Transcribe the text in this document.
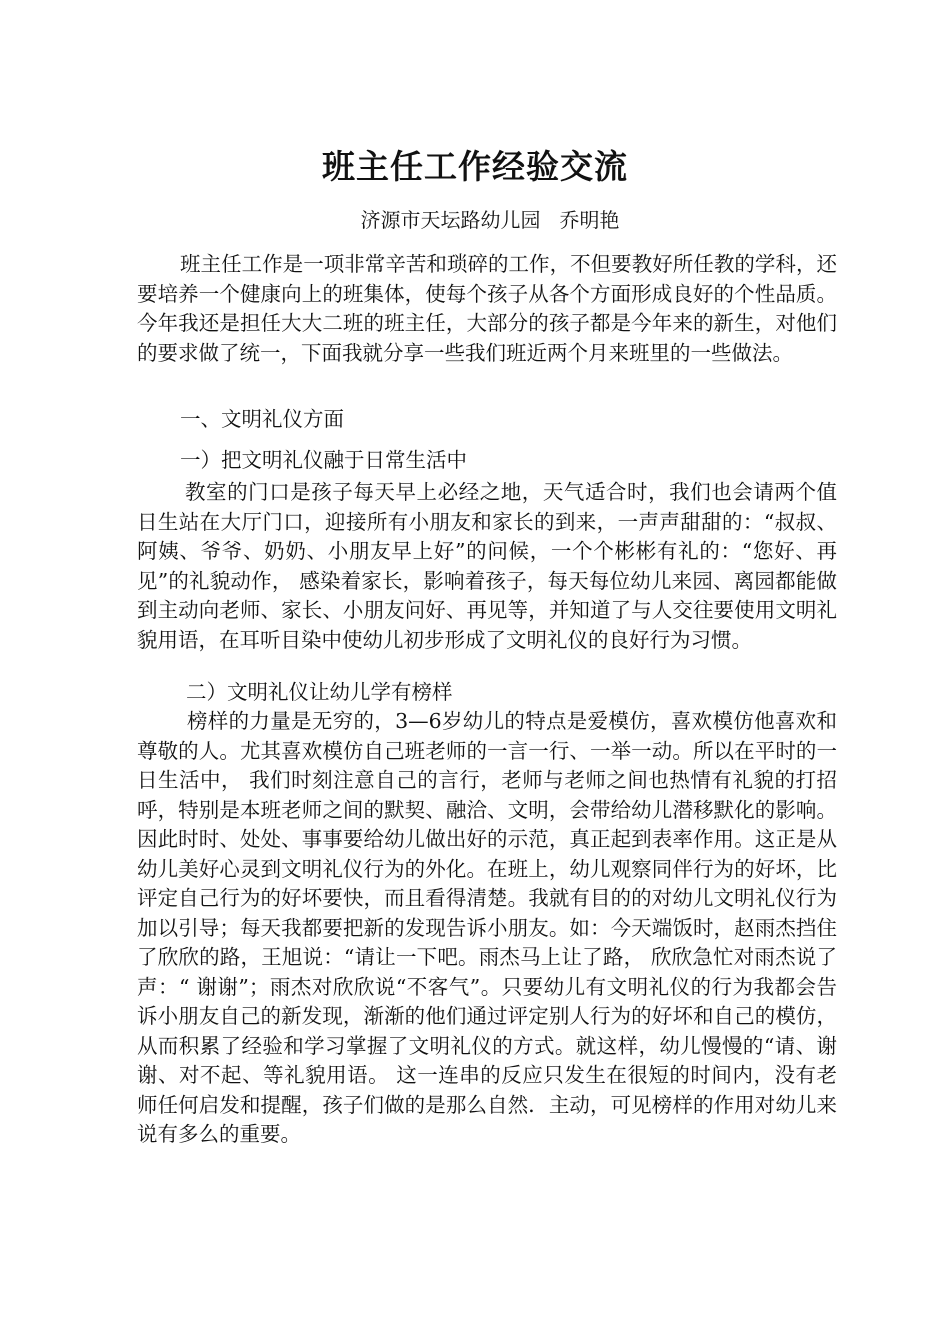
班主任工作经验交流
济源市天坛路幼儿园   乔明艳

班主任工作是一项非常辛苦和琐碎的工作，不但要教好所任教的学科，还要培养一个健康向上的班集体，使每个孩子从各个方面形成良好的个性品质。今年我还是担任大大二班的班主任，大部分的孩子都是今年来的新生，对他们的要求做了统一，下面我就分享一些我们班近两个月来班里的一些做法。

一、文明礼仪方面

一）把文明礼仪融于日常生活中

教室的门口是孩子每天早上必经之地，天气适合时，我们也会请两个值日生站在大厅门口，迎接所有小朋友和家长的到来，一声声甜甜的：“叔叔、阿姨、爷爷、奶奶、小朋友早上好”的问候，一个个彬彬有礼的：“您好、再见”的礼貌动作， 感染着家长，影响着孩子，每天每位幼儿来园、离园都能做到主动向老师、家长、小朋友问好、再见等，并知道了与人交往要使用文明礼貌用语，在耳听目染中使幼儿初步形成了文明礼仪的良好行为习惯。

二）文明礼仪让幼儿学有榜样

榜样的力量是无穷的，3—6岁幼儿的特点是爱模仿，喜欢模仿他喜欢和尊敬的人。尤其喜欢模仿自己班老师的一言一行、一举一动。所以在平时的一日生活中， 我们时刻注意自己的言行，老师与老师之间也热情有礼貌的打招呼，特别是本班老师之间的默契、融洽、文明，会带给幼儿潜移默化的影响。因此时时、处处、事事要给幼儿做出好的示范，真正起到表率作用。这正是从幼儿美好心灵到文明礼仪行为的外化。在班上，幼儿观察同伴行为的好坏，比评定自己行为的好坏要快，而且看得清楚。我就有目的的对幼儿文明礼仪行为加以引导；每天我都要把新的发现告诉小朋友。如：今天端饭时，赵雨杰挡住了欣欣的路，王旭说：“请让一下吧。雨杰马上让了路， 欣欣急忙对雨杰说了声：“ 谢谢”；雨杰对欣欣说“不客气”。只要幼儿有文明礼仪的行为我都会告诉小朋友自己的新发现，渐渐的他们通过评定别人行为的好坏和自己的模仿，从而积累了经验和学习掌握了文明礼仪的方式。就这样，幼儿慢慢的“请、谢谢、对不起、等礼貌用语。 这一连串的反应只发生在很短的时间内，没有老师任何启发和提醒，孩子们做的是那么自然．主动，可见榜样的作用对幼儿来说有多么的重要。
